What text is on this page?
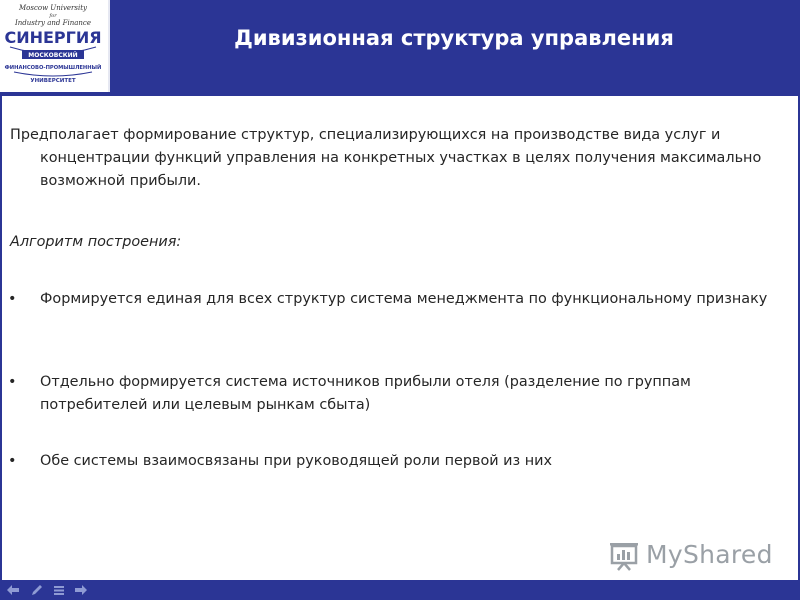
Moscow University
for
Industry and Finance
СИНЕРГИЯ
МОСКОВСКИЙ
ФИНАНСОВО-ПРОМЫШЛЕННЫЙ
УНИВЕРСИТЕТ
Дивизионная структура управления

Предполагает формирование структур, специализирующихся на производстве вида услуг и концентрации функций управления на конкретных участках в целях получения максимально возможной прибыли.

Алгоритм построения:

• Формируется единая для всех структур система менеджмента по функциональному признаку
• Отдельно формируется система источников прибыли отеля (разделение по группам потребителей или целевым рынкам сбыта)
• Обе системы взаимосвязаны при руководящей роли первой из них
MyShared
